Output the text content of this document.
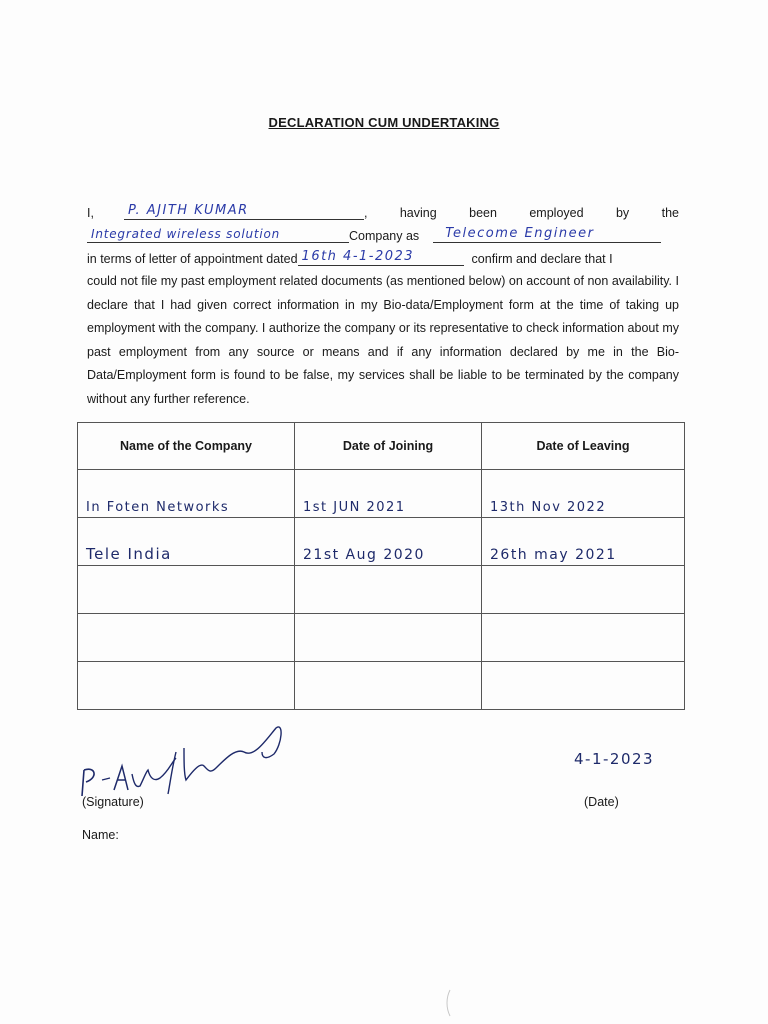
DECLARATION CUM UNDERTAKING
I,	P. AJITH KUMAR	,	having	been	employed	by	the
Integrated wireless solution	Company as Telecome Engineer
in terms of letter of appointment dated 16th 4-1-2023	confirm and declare that I
could not file my past employment related documents (as mentioned below) on account of non availability. I declare that I had given correct information in my Bio-data/Employment form at the time of taking up employment with the company. I authorize the company or its representative to check information about my past employment from any source or means and if any information declared by me in the Bio-Data/Employment form is found to be false, my services shall be liable to be terminated by the company without any further reference.
Name of the Company	Date of Joining	Date of Leaving
In Foten Networks	1st JUN 2021	13th Nov 2022
Tele India	21st Aug 2020	26th may 2021

(Signature)
4-1-2023
(Date)
Name:
